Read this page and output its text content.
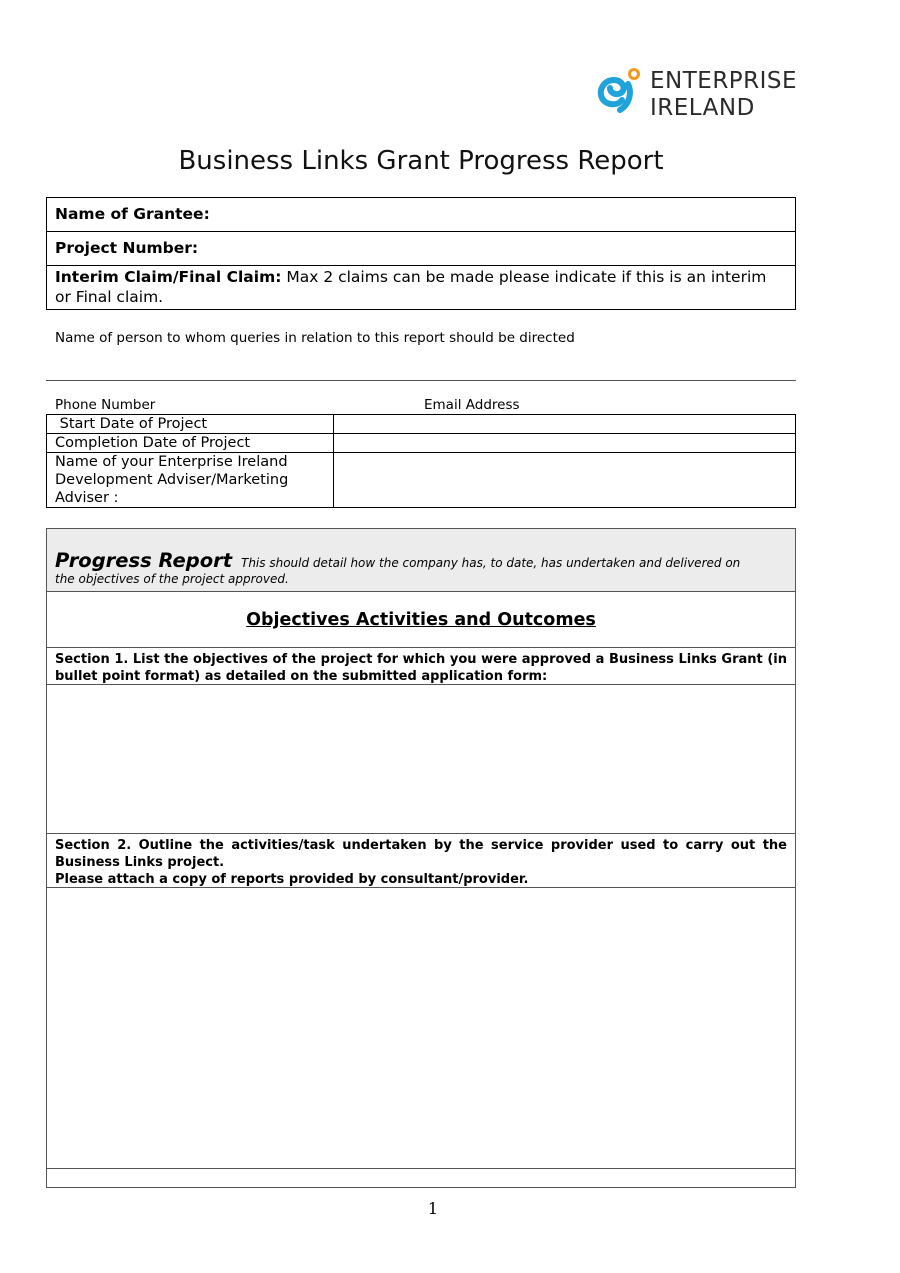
ENTERPRISE
IRELAND
Business Links Grant Progress Report
Name of Grantee:
Project Number:
Interim Claim/Final Claim: Max 2 claims can be made please indicate if this is an interim or Final claim.
Name of person to whom queries in relation to this report should be directed
Phone Number	Email Address
Start Date of Project	
Completion Date of Project	
Name of your Enterprise Ireland Development Adviser/Marketing Adviser :	
Progress Report This should detail how the company has, to date, has undertaken and delivered on
the objectives of the project approved.
Objectives Activities and Outcomes
Section 1. List the objectives of the project for which you were approved a Business Links Grant (in bullet point format) as detailed on the submitted application form:
Section 2. Outline the activities/task undertaken by the service provider used to carry out the Business Links project.
Please attach a copy of reports provided by consultant/provider.
1
